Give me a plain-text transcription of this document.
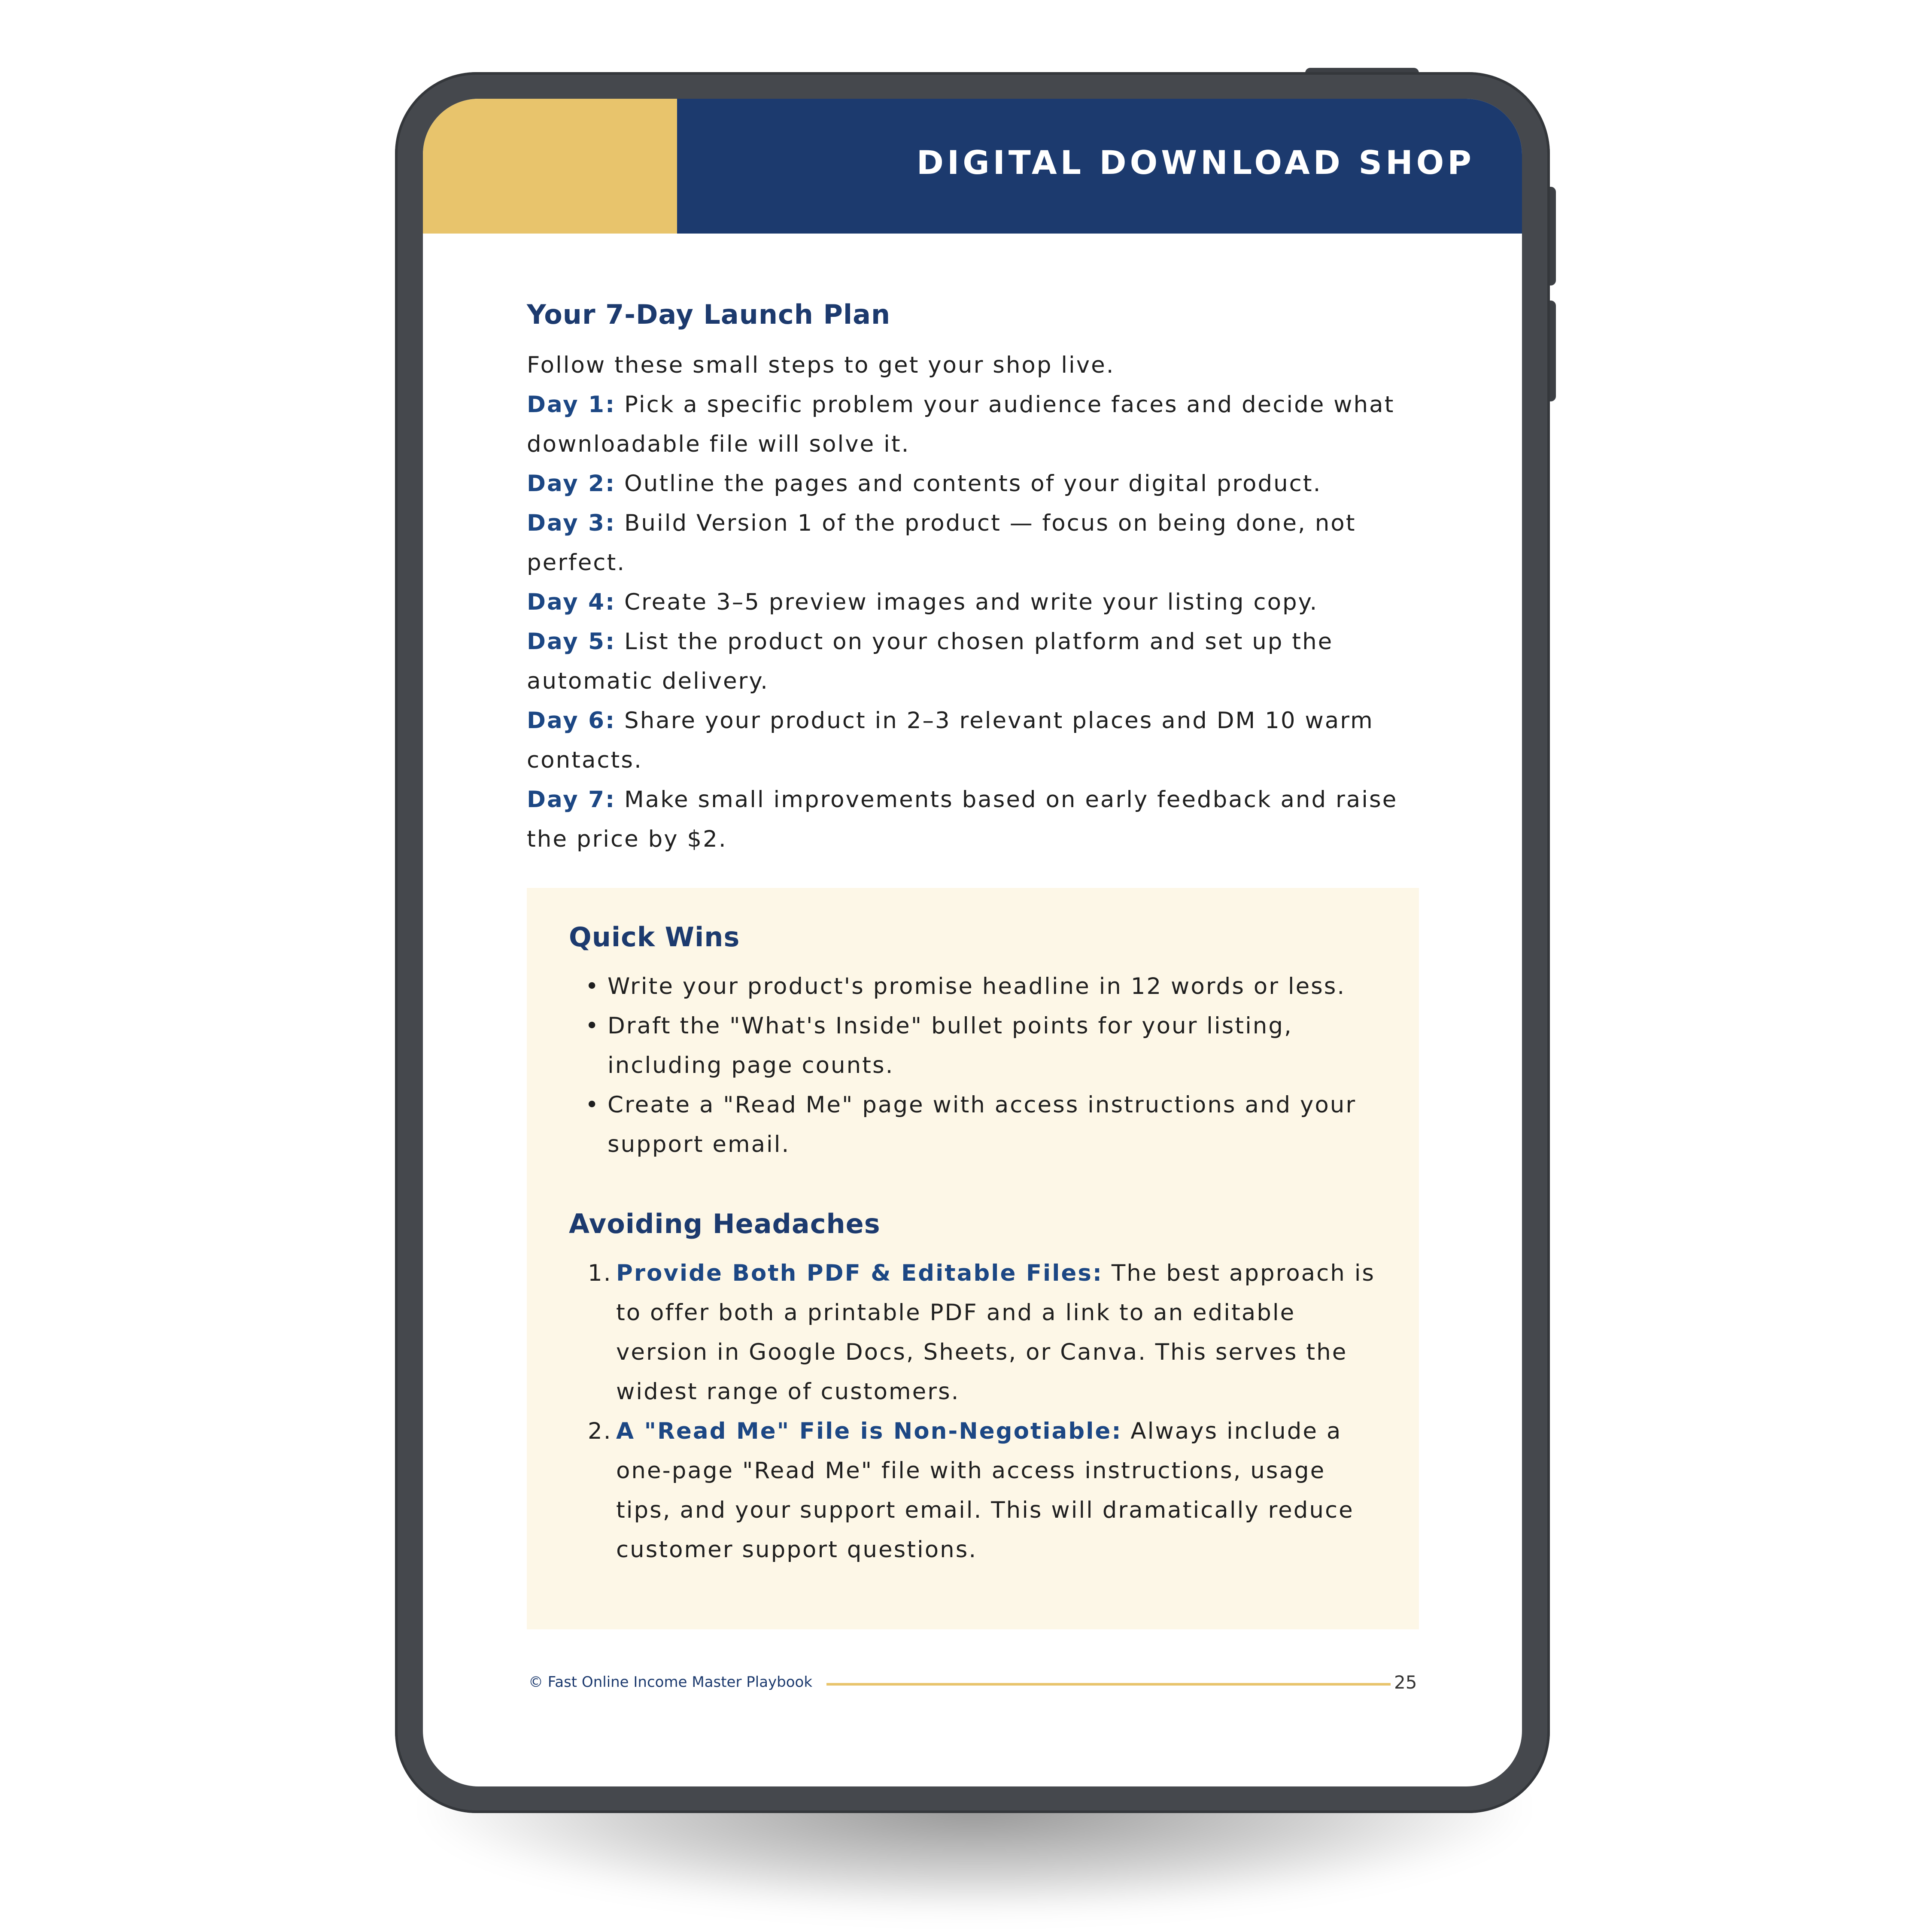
DIGITAL DOWNLOAD SHOP
Your 7-Day Launch Plan

Follow these small steps to get your shop live.

Day 1: Pick a specific problem your audience faces and decide what downloadable file will solve it.

Day 2: Outline the pages and contents of your digital product.

Day 3: Build Version 1 of the product — focus on being done, not perfect.

Day 4: Create 3–5 preview images and write your listing copy.

Day 5: List the product on your chosen platform and set up the automatic delivery.

Day 6: Share your product in 2–3 relevant places and DM 10 warm contacts.

Day 7: Make small improvements based on early feedback and raise the price by $2.

Quick Wins
• Write your product's promise headline in 12 words or less.
• Draft the "What's Inside" bullet points for your listing, including page counts.
• Create a "Read Me" page with access instructions and your support email.
Avoiding Headaches
1. Provide Both PDF & Editable Files: The best approach is to offer both a printable PDF and a link to an editable version in Google Docs, Sheets, or Canva. This serves the widest range of customers.
2. A "Read Me" File is Non-Negotiable: Always include a one-page "Read Me" file with access instructions, usage tips, and your support email. This will dramatically reduce customer support questions.
© Fast Online Income Master Playbook	25
